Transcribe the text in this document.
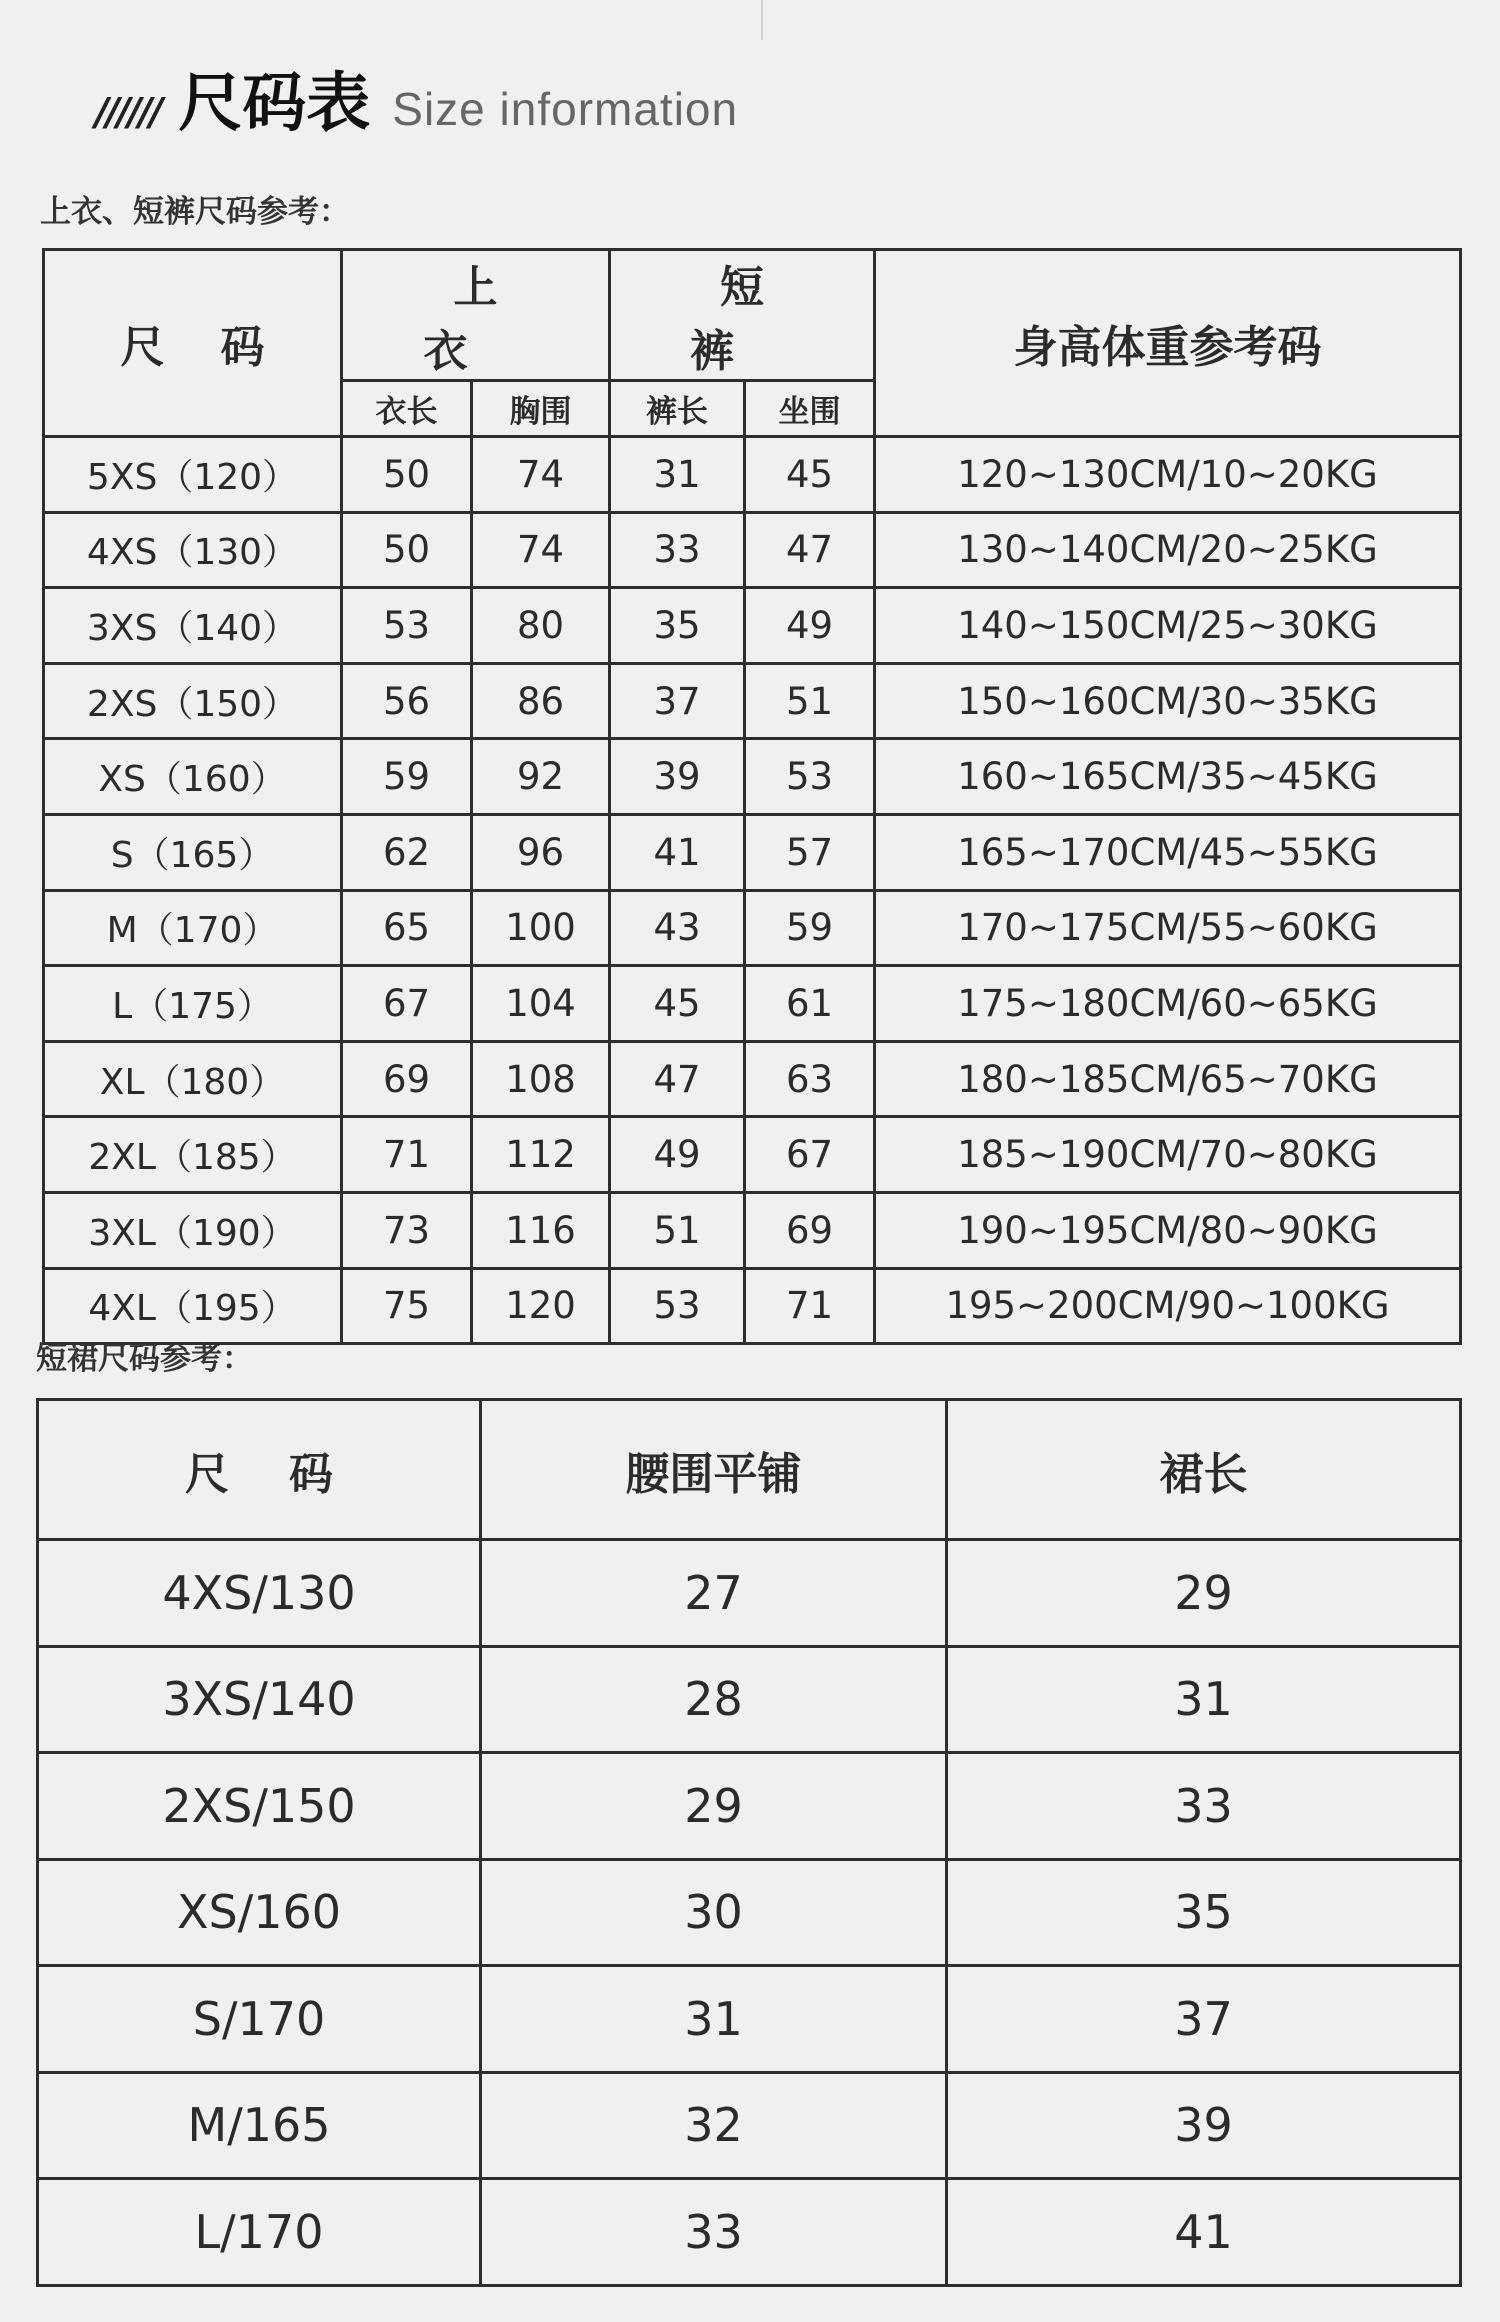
////// 尺码表 Size information
上衣、短裤尺码参考：
尺码	上衣		短裤		身高体重参考码
	衣长	胸围	裤长	坐围	
5XS（120）	50	74	31	45	120~130CM/10~20KG
4XS（130）	50	74	33	47	130~140CM/20~25KG
3XS（140）	53	80	35	49	140~150CM/25~30KG
2XS（150）	56	86	37	51	150~160CM/30~35KG
XS（160）	59	92	39	53	160~165CM/35~45KG
S（165）	62	96	41	57	165~170CM/45~55KG
M（170）	65	100	43	59	170~175CM/55~60KG
L（175）	67	104	45	61	175~180CM/60~65KG
XL（180）	69	108	47	63	180~185CM/65~70KG
2XL（185）	71	112	49	67	185~190CM/70~80KG
3XL（190）	73	116	51	69	190~195CM/80~90KG
4XL（195）	75	120	53	71	195~200CM/90~100KG
短裙尺码参考：
尺码	腰围平铺	裙长
4XS/130	27	29
3XS/140	28	31
2XS/150	29	33
XS/160	30	35
S/170	31	37
M/165	32	39
L/170	33	41
